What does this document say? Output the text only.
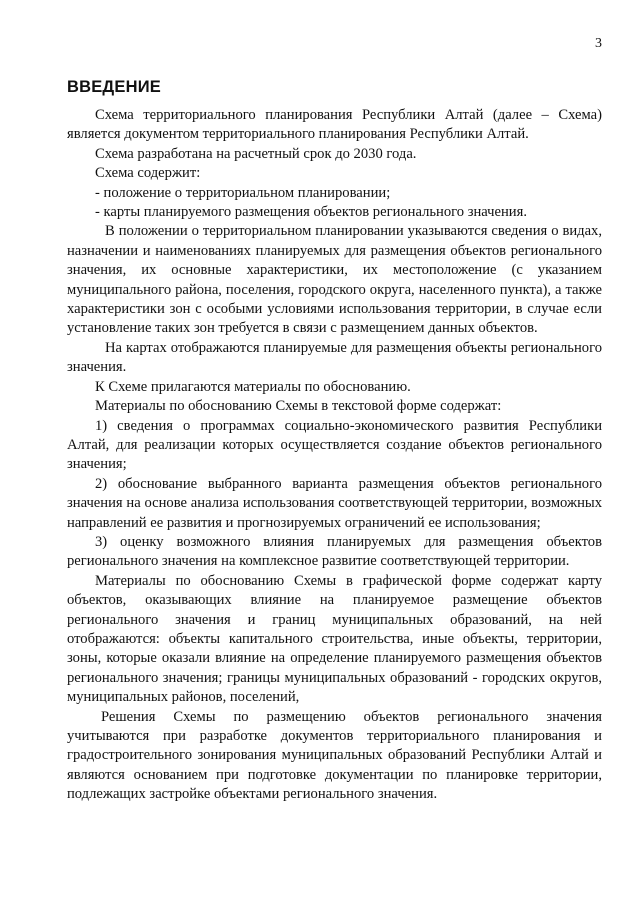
3
ВВЕДЕНИЕ

Схема территориального планирования Республики Алтай (далее – Схема) является документом территориального планирования Республики Алтай.

Схема разработана на расчетный срок до 2030 года.

Схема содержит:

- положение о территориальном планировании;

- карты планируемого размещения объектов регионального значения.

В положении о территориальном планировании указываются сведения о видах, назначении и наименованиях планируемых для размещения объектов регионального значения, их основные характеристики, их местоположение (с указанием муниципального района, поселения, городского округа, населенного пункта), а также характеристики зон с особыми условиями использования территории, в случае если установление таких зон требуется в связи с размещением данных объектов.

На картах отображаются планируемые для размещения объекты регионального значения.

К Схеме прилагаются материалы по обоснованию.

Материалы по обоснованию Схемы в текстовой форме содержат:

1) сведения о программах социально-экономического развития Республики Алтай, для реализации которых осуществляется создание объектов регионального значения;

2) обоснование выбранного варианта размещения объектов регионального значения на основе анализа использования соответствующей территории, возможных направлений ее развития и прогнозируемых ограничений ее использования;

3) оценку возможного влияния планируемых для размещения объектов регионального значения на комплексное развитие соответствующей территории.

Материалы по обоснованию Схемы в графической форме содержат карту объектов, оказывающих влияние на планируемое размещение объектов регионального значения и границ муниципальных образований, на ней отображаются: объекты капитального строительства, иные объекты, территории, зоны, которые оказали влияние на определение планируемого размещения объектов регионального значения; границы муниципальных образований - городских округов, муниципальных районов, поселений,

Решения Схемы по размещению объектов регионального значения учитываются при разработке документов территориального планирования и градостроительного зонирования муниципальных образований Республики Алтай и являются основанием при подготовке документации по планировке территории, подлежащих застройке объектами регионального значения.
